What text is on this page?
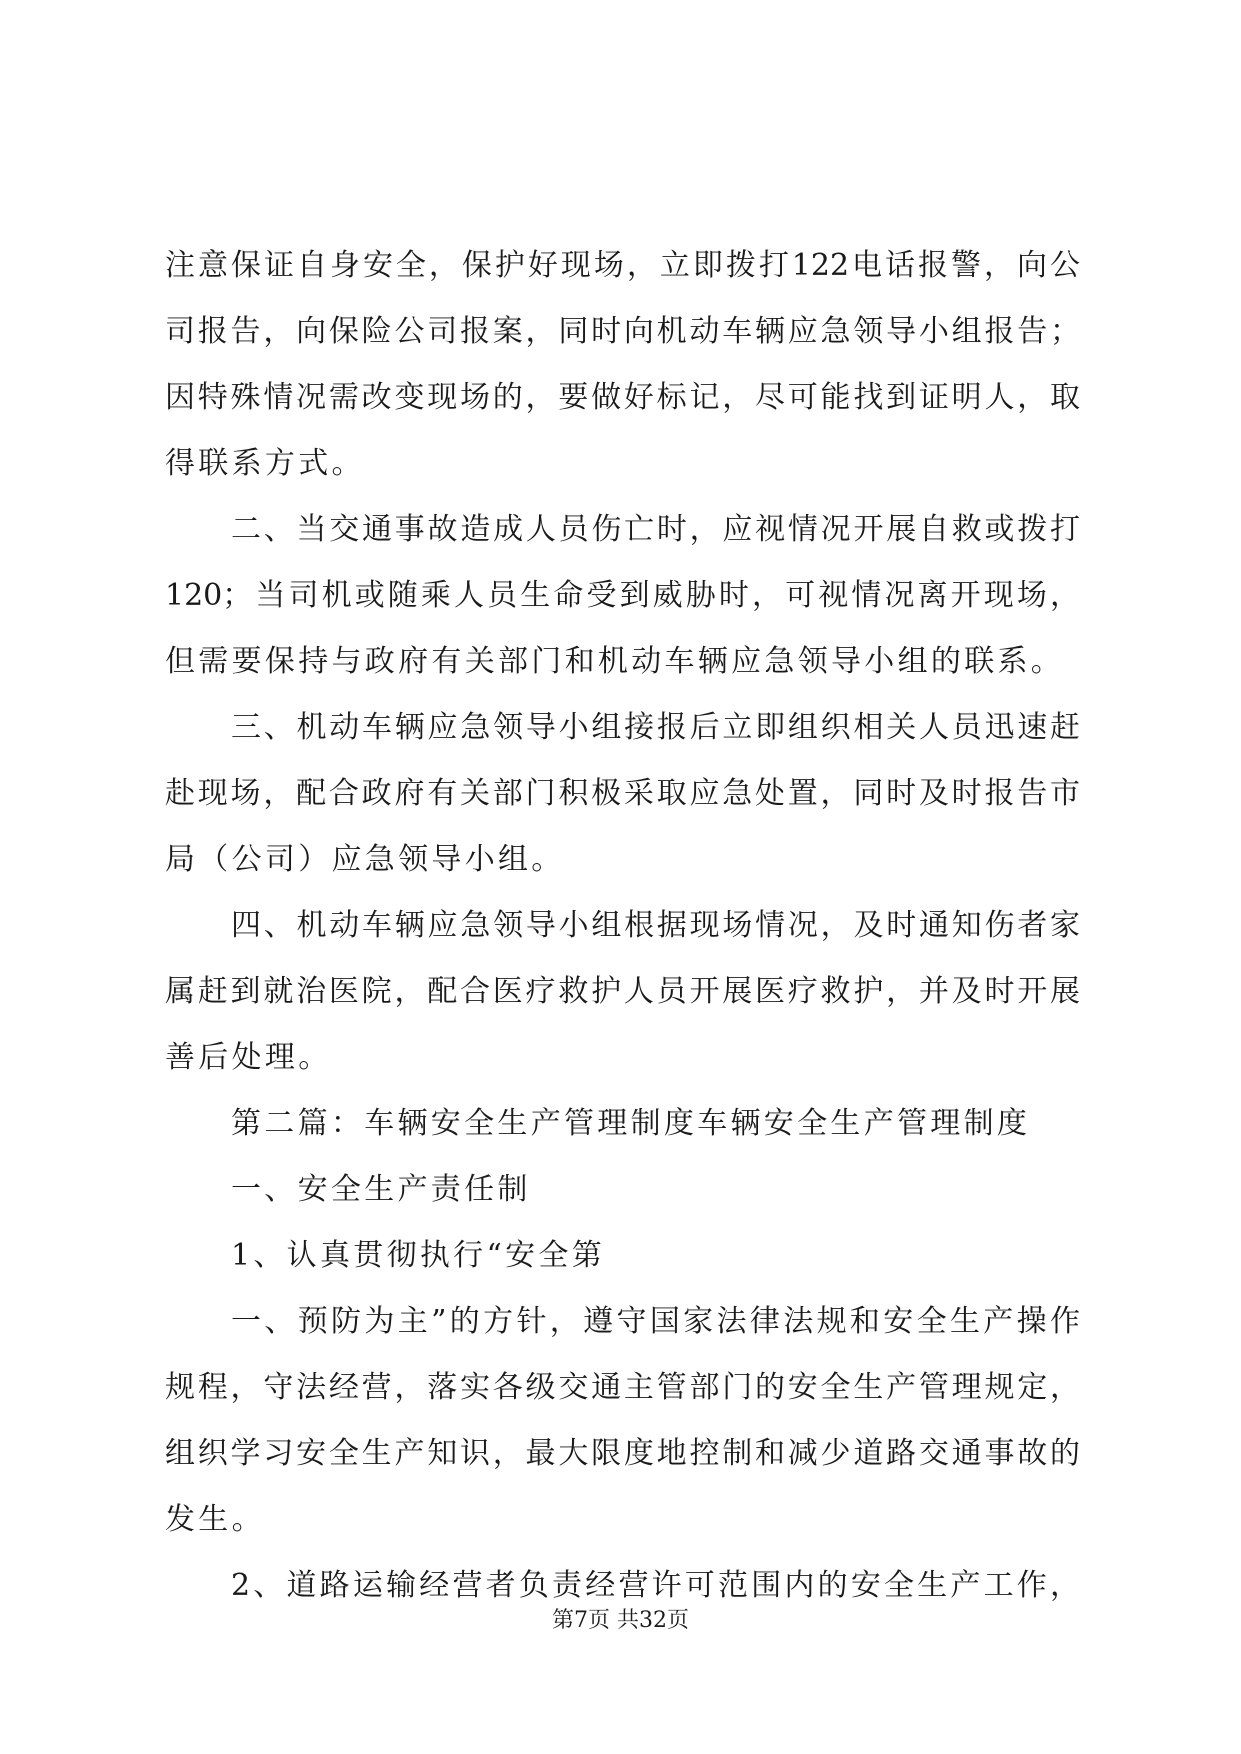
注意保证自身安全，保护好现场，立即拨打122电话报警，向公
司报告，向保险公司报案，同时向机动车辆应急领导小组报告；
因特殊情况需改变现场的，要做好标记，尽可能找到证明人，取
得联系方式。
二、当交通事故造成人员伤亡时，应视情况开展自救或拨打
120；当司机或随乘人员生命受到威胁时，可视情况离开现场，
但需要保持与政府有关部门和机动车辆应急领导小组的联系。
三、机动车辆应急领导小组接报后立即组织相关人员迅速赶
赴现场，配合政府有关部门积极采取应急处置，同时及时报告市
局（公司）应急领导小组。
四、机动车辆应急领导小组根据现场情况，及时通知伤者家
属赶到就治医院，配合医疗救护人员开展医疗救护，并及时开展
善后处理。
第二篇：车辆安全生产管理制度车辆安全生产管理制度
一、安全生产责任制
1、认真贯彻执行“安全第
一、预防为主”的方针，遵守国家法律法规和安全生产操作
规程，守法经营，落实各级交通主管部门的安全生产管理规定，
组织学习安全生产知识，最大限度地控制和减少道路交通事故的
发生。
2、道路运输经营者负责经营许可范围内的安全生产工作，
第7页 共32页
